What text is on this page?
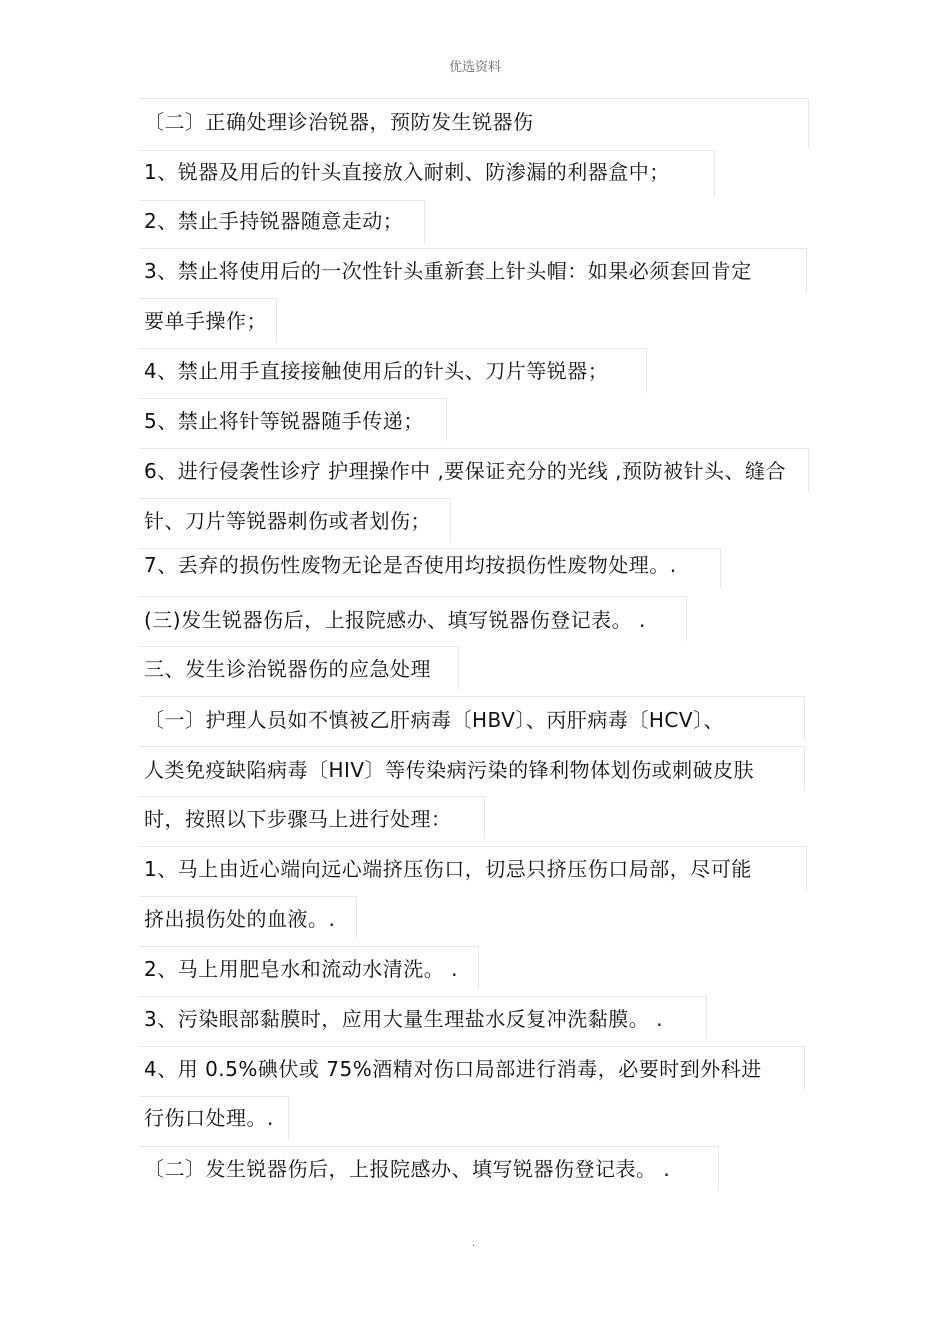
优选资料
〔二〕正确处理诊治锐器，预防发生锐器伤
1、锐器及用后的针头直接放入耐刺、防渗漏的利器盒中；
2、禁止手持锐器随意走动；
3、禁止将使用后的一次性针头重新套上针头帽：如果必须套回肯定
要单手操作；
4、禁止用手直接接触使用后的针头、刀片等锐器；
5、禁止将针等锐器随手传递；
6、进行侵袭性诊疗 护理操作中 ,要保证充分的光线 ,预防被针头、缝合
针、刀片等锐器刺伤或者划伤；
7、丢弃的损伤性废物无论是否使用均按损伤性废物处理。.
(三)发生锐器伤后，上报院感办、填写锐器伤登记表。 .
三、发生诊治锐器伤的应急处理
〔一〕护理人员如不慎被乙肝病毒〔HBV〕、丙肝病毒〔HCV〕、
人类免疫缺陷病毒〔HIV〕等传染病污染的锋利物体划伤或刺破皮肤
时，按照以下步骤马上进行处理：
1、马上由近心端向远心端挤压伤口，切忌只挤压伤口局部，尽可能
挤出损伤处的血液。.
2、马上用肥皂水和流动水清洗。 .
3、污染眼部黏膜时，应用大量生理盐水反复冲洗黏膜。 .
4、用 0.5%碘伏或 75%酒精对伤口局部进行消毒，必要时到外科进
行伤口处理。.
〔二〕发生锐器伤后，上报院感办、填写锐器伤登记表。 .
.
